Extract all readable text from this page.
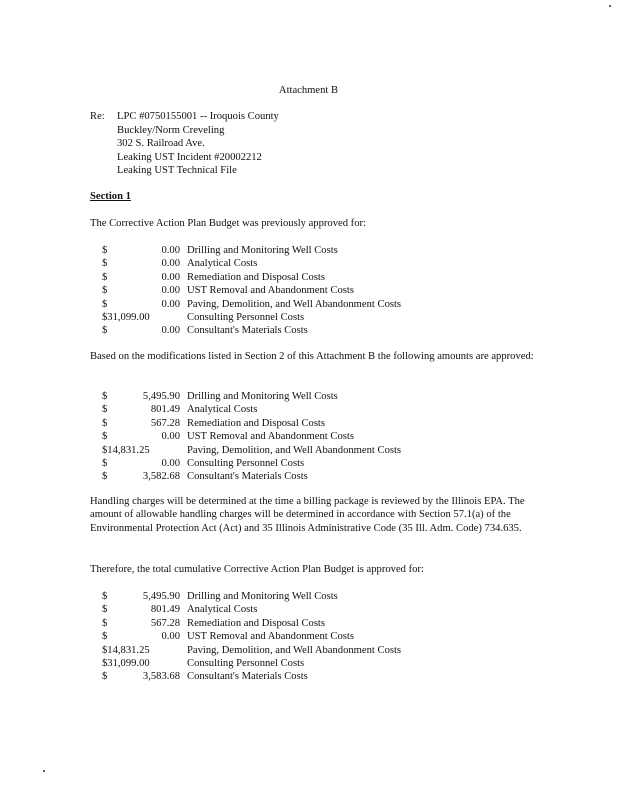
Attachment B
Re: LPC #0750155001 -- Iroquois County
Buckley/Norm Creveling
302 S. Railroad Ave.
Leaking UST Incident #20002212
Leaking UST Technical File
Section 1
The Corrective Action Plan Budget was previously approved for:
$	0.00 Drilling and Monitoring Well Costs
$	0.00 Analytical Costs
$	0.00 Remediation and Disposal Costs
$	0.00 UST Removal and Abandonment Costs
$	0.00 Paving, Demolition, and Well Abandonment Costs
$31,099.00	Consulting Personnel Costs
$	0.00 Consultant's Materials Costs
Based on the modifications listed in Section 2 of this Attachment B the following amounts are approved:
$	5,495.90 Drilling and Monitoring Well Costs
$	801.49 Analytical Costs
$	567.28 Remediation and Disposal Costs
$	0.00 UST Removal and Abandonment Costs
$14,831.25	Paving, Demolition, and Well Abandonment Costs
$	0.00 Consulting Personnel Costs
$	3,582.68 Consultant's Materials Costs
Handling charges will be determined at the time a billing package is reviewed by the Illinois EPA. The amount of allowable handling charges will be determined in accordance with Section 57.1(a) of the Environmental Protection Act (Act) and 35 Illinois Administrative Code (35 Ill. Adm. Code) 734.635.
Therefore, the total cumulative Corrective Action Plan Budget is approved for:
$	5,495.90 Drilling and Monitoring Well Costs
$	801.49 Analytical Costs
$	567.28 Remediation and Disposal Costs
$	0.00 UST Removal and Abandonment Costs
$14,831.25	Paving, Demolition, and Well Abandonment Costs
$31,099.00	Consulting Personnel Costs
$	3,583.68 Consultant's Materials Costs
